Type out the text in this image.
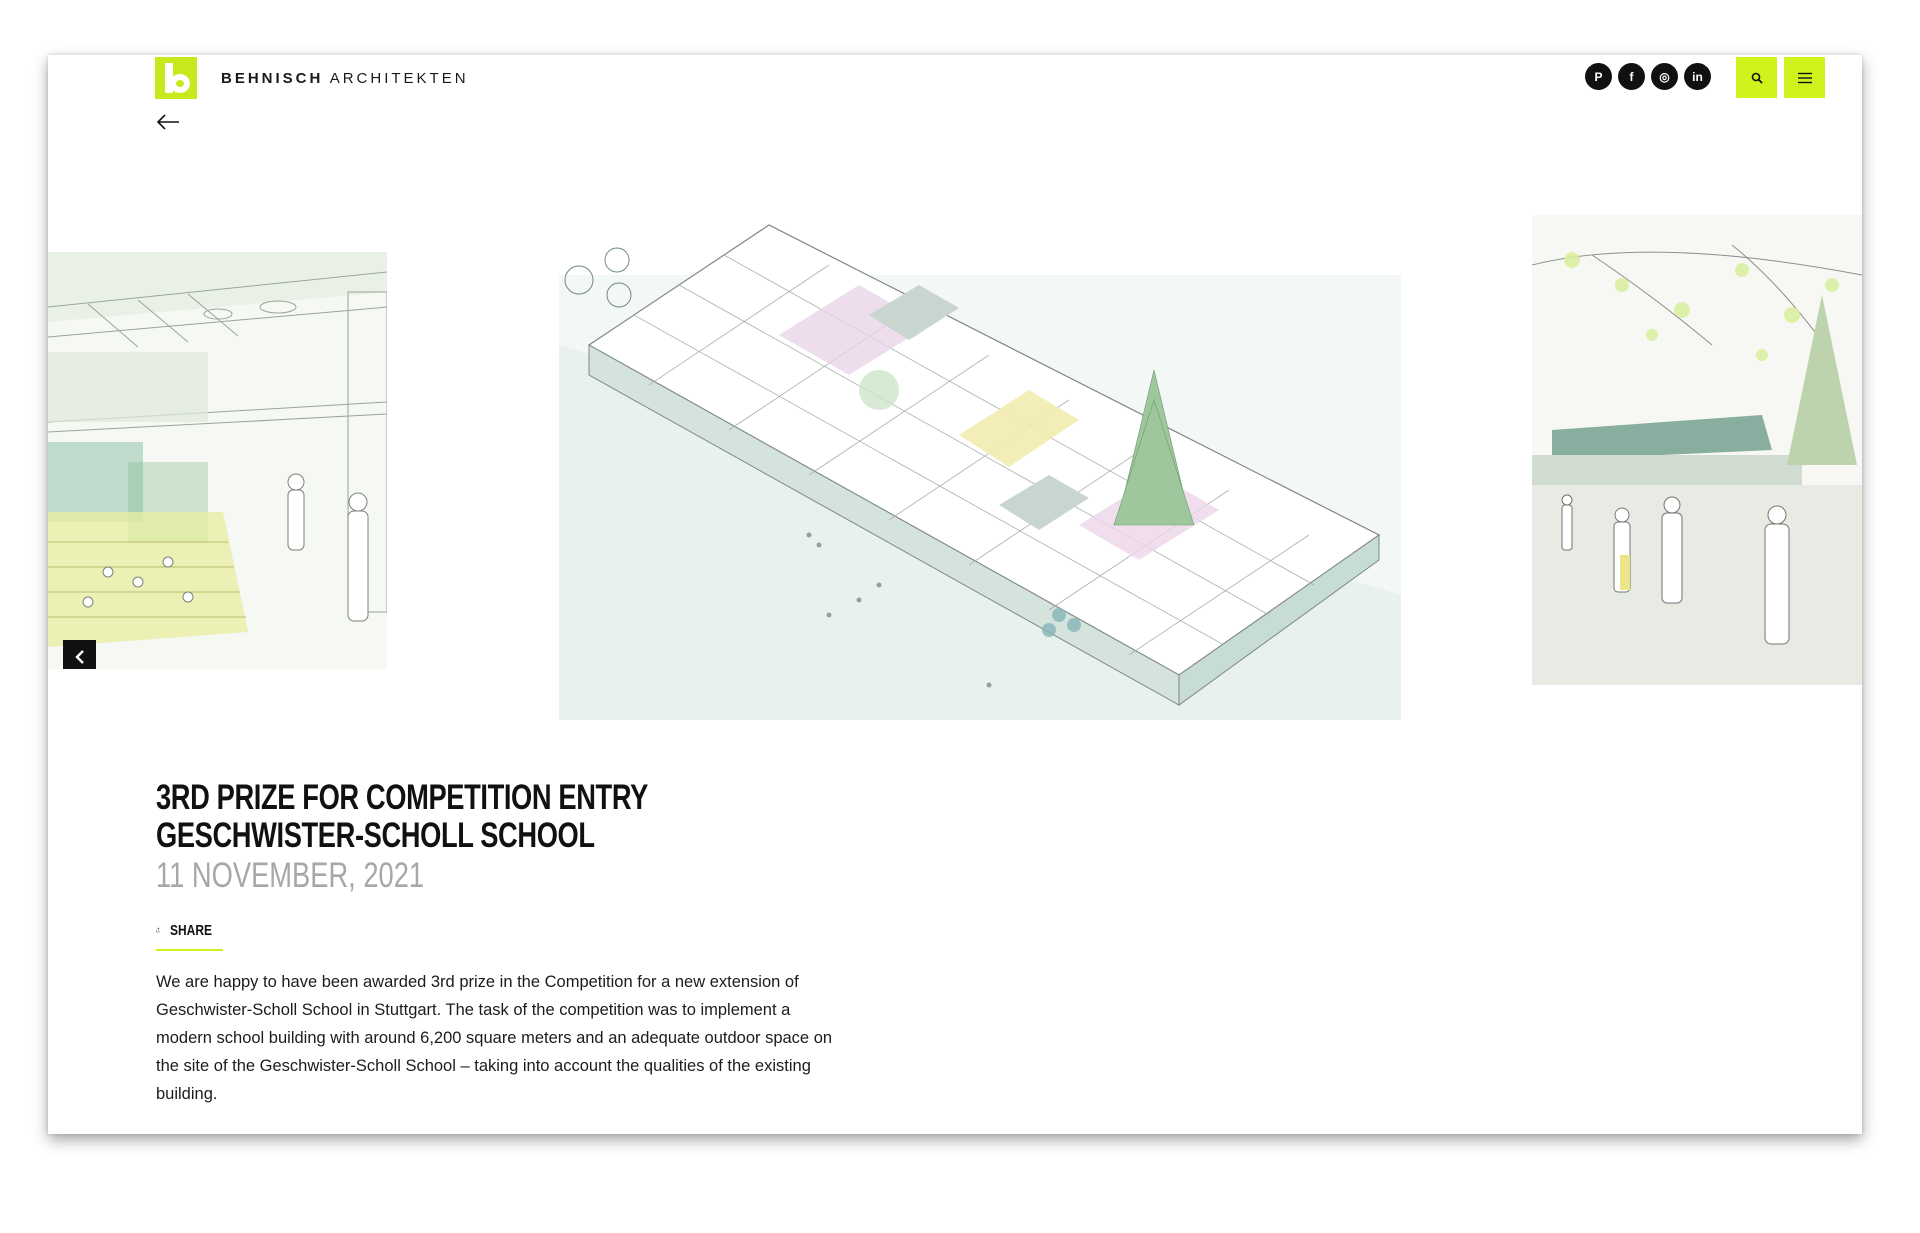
BEHNISCH ARCHITEKTEN	P	f	◎	in
3RD PRIZE FOR COMPETITION ENTRY GESCHWISTER-SCHOLL SCHOOL
11 NOVEMBER, 2021
SHARE

We are happy to have been awarded 3rd prize in the Competition for a new extension of Geschwister-Scholl School in Stuttgart. The task of the competition was to implement a modern school building with around 6,200 square meters and an adequate outdoor space on the site of the Geschwister-Scholl School – taking into account the qualities of the existing building.
